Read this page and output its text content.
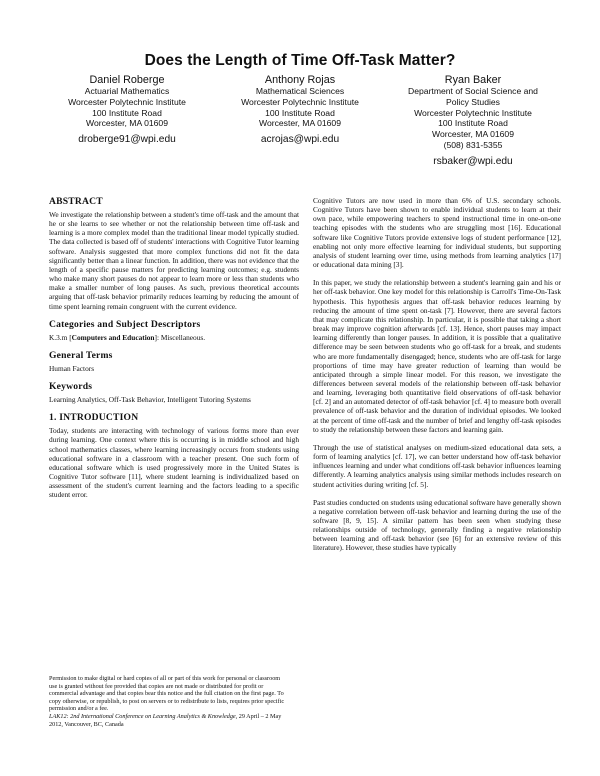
Does the Length of Time Off-Task Matter?
Daniel Roberge
Actuarial Mathematics
Worcester Polytechnic Institute
100 Institute Road
Worcester, MA 01609
droberge91@wpi.edu
Anthony Rojas
Mathematical Sciences
Worcester Polytechnic Institute
100 Institute Road
Worcester, MA 01609
acrojas@wpi.edu
Ryan Baker
Department of Social Science and
Policy Studies
Worcester Polytechnic Institute
100 Institute Road
Worcester, MA 01609
(508) 831-5355
rsbaker@wpi.edu
ABSTRACT

We investigate the relationship between a student's time off-task and the amount that he or she learns to see whether or not the relationship between time off-task and learning is a more complex model than the traditional linear model typically studied. The data collected is based off of students' interactions with Cognitive Tutor learning software. Analysis suggested that more complex functions did not fit the data significantly better than a linear function. In addition, there was not evidence that the length of a specific pause matters for predicting learning outcomes; e.g. students who make many short pauses do not appear to learn more or less than students who make a smaller number of long pauses. As such, previous theoretical accounts arguing that off-task behavior primarily reduces learning by reducing the amount of time spent learning remain congruent with the current evidence.

Categories and Subject Descriptors

K.3.m [Computers and Education]: Miscellaneous.

General Terms

Human Factors

Keywords

Learning Analytics, Off-Task Behavior, Intelligent Tutoring Systems

1. INTRODUCTION

Today, students are interacting with technology of various forms more than ever during learning. One context where this is occurring is in middle school and high school mathematics classes, where learning increasingly occurs from students using educational software in a classroom with a teacher present. One such form of educational software which is used progressively more in the United States is Cognitive Tutor software [11], where student learning is individualized based on assessment of the student's current learning and the factors leading to a specific student error.

Permission to make digital or hard copies of all or part of this work for personal or classroom use is granted without fee provided that copies are not made or distributed for profit or commercial advantage and that copies bear this notice and the full citation on the first page. To copy otherwise, or republish, to post on servers or to redistribute to lists, requires prior specific permission and/or a fee.
LAK12: 2nd International Conference on Learning Analytics & Knowledge, 29 April – 2 May 2012, Vancouver, BC, Canada

Cognitive Tutors are now used in more than 6% of U.S. secondary schools. Cognitive Tutors have been shown to enable individual students to learn at their own pace, while empowering teachers to spend instructional time in one-on-one teaching episodes with the students who are struggling most [16]. Educational software like Cognitive Tutors provide extensive logs of student performance [12], enabling not only more effective learning for individual students, but supporting analysis of student learning over time, using methods from learning analytics [17] or educational data mining [3].

In this paper, we study the relationship between a student's learning gain and his or her off-task behavior. One key model for this relationship is Carroll's Time-On-Task hypothesis. This hypothesis argues that off-task behavior reduces learning by reducing the amount of time spent on-task [7]. However, there are several factors that may complicate this relationship. In particular, it is possible that taking a short break may improve cognition afterwards [cf. 13]. Hence, short pauses may impact learning differently than longer pauses. In addition, it is possible that a qualitative difference may be seen between students who go off-task for a break, and students who are more fundamentally disengaged; hence, students who are off-task for large proportions of time may have greater reduction of learning than would be anticipated through a simple linear model. For this reason, we investigate the differences between several models of the relationship between off-task behavior and learning, leveraging both quantitative field observations of off-task behavior [cf. 2] and an automated detector of off-task behavior [cf. 4] to measure both overall prevalence of off-task behavior and the duration of individual episodes. We looked at the percent of time off-task and the number of brief and lengthy off-task episodes to study the relationship between these factors and learning gain.

Through the use of statistical analyses on medium-sized educational data sets, a form of learning analytics [cf. 17], we can better understand how off-task behavior influences learning and under what conditions off-task behavior influences learning differently. A learning analytics analysis using similar methods includes research on student activities during writing [cf. 5].

Past studies conducted on students using educational software have generally shown a negative correlation between off-task behavior and learning during the use of the software [8, 9, 15]. A similar pattern has been seen when studying these relationships outside of technology, generally finding a negative relationship between learning and off-task behavior (see [6] for an extensive review of this literature). However, these studies have typically
